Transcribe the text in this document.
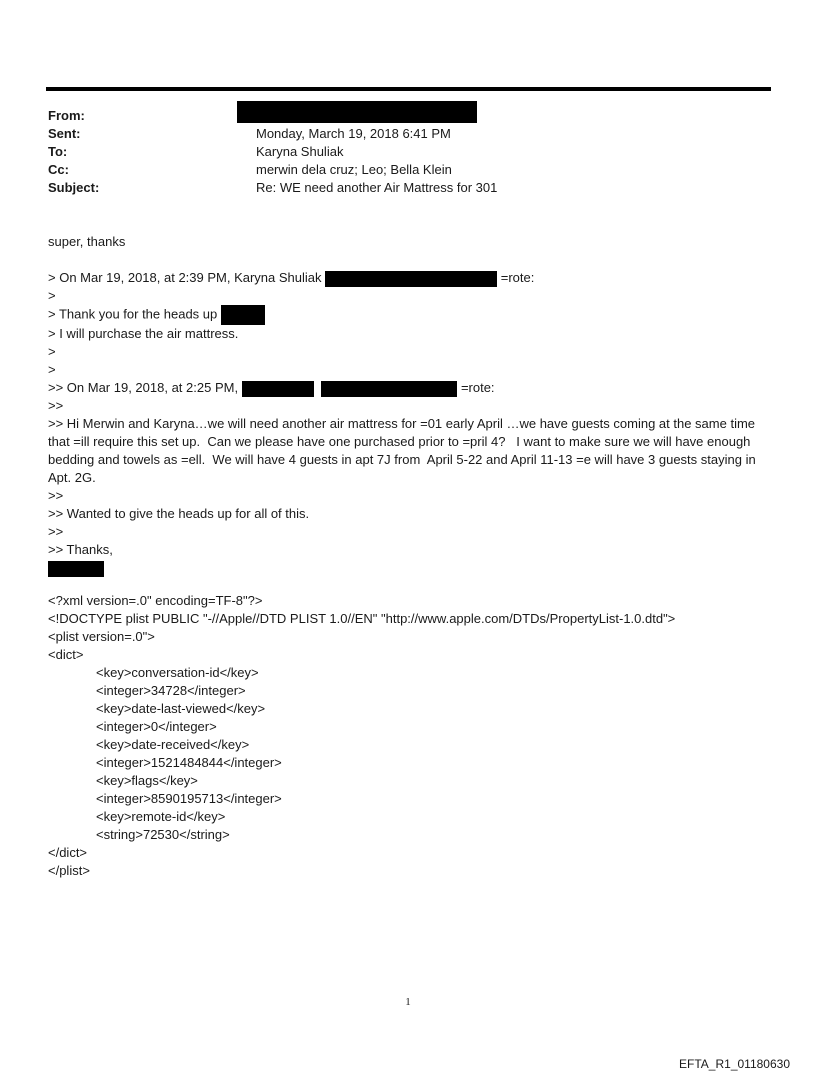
From:
Sent:	Monday, March 19, 2018 6:41 PM
To:	Karyna Shuliak
Cc:	merwin dela cruz; Leo; Bella Klein
Subject:	Re: WE need another Air Mattress for 301
super, thanks
> On Mar 19, 2018, at 2:39 PM, Karyna Shuliak	=rote:
>
> Thank you for the heads up
> I will purchase the air mattress.
>
>
>> On Mar 19, 2018, at 2:25 PM,	=rote:
>>
>> Hi Merwin and Karyna…we will need another air mattress for =01 early April …we have guests coming at the same time that =ill require this set up.  Can we please have one purchased prior to =pril 4?   I want to make sure we will have enough bedding and towels as =ell.  We will have 4 guests in apt 7J from  April 5-22 and April 11-13 =e will have 3 guests staying in Apt. 2G.
>>
>> Wanted to give the heads up for all of this.
>>
>> Thanks,
<?xml version=.0" encoding=TF-8"?>
<!DOCTYPE plist PUBLIC "-//Apple//DTD PLIST 1.0//EN" "http://www.apple.com/DTDs/PropertyList-1.0.dtd">
<plist version=.0">
<dict>
<key>conversation-id</key>
<integer>34728</integer>
<key>date-last-viewed</key>
<integer>0</integer>
<key>date-received</key>
<integer>1521484844</integer>
<key>flags</key>
<integer>8590195713</integer>
<key>remote-id</key>
<string>72530</string>
</dict>
</plist>
1
EFTA_R1_01180630
